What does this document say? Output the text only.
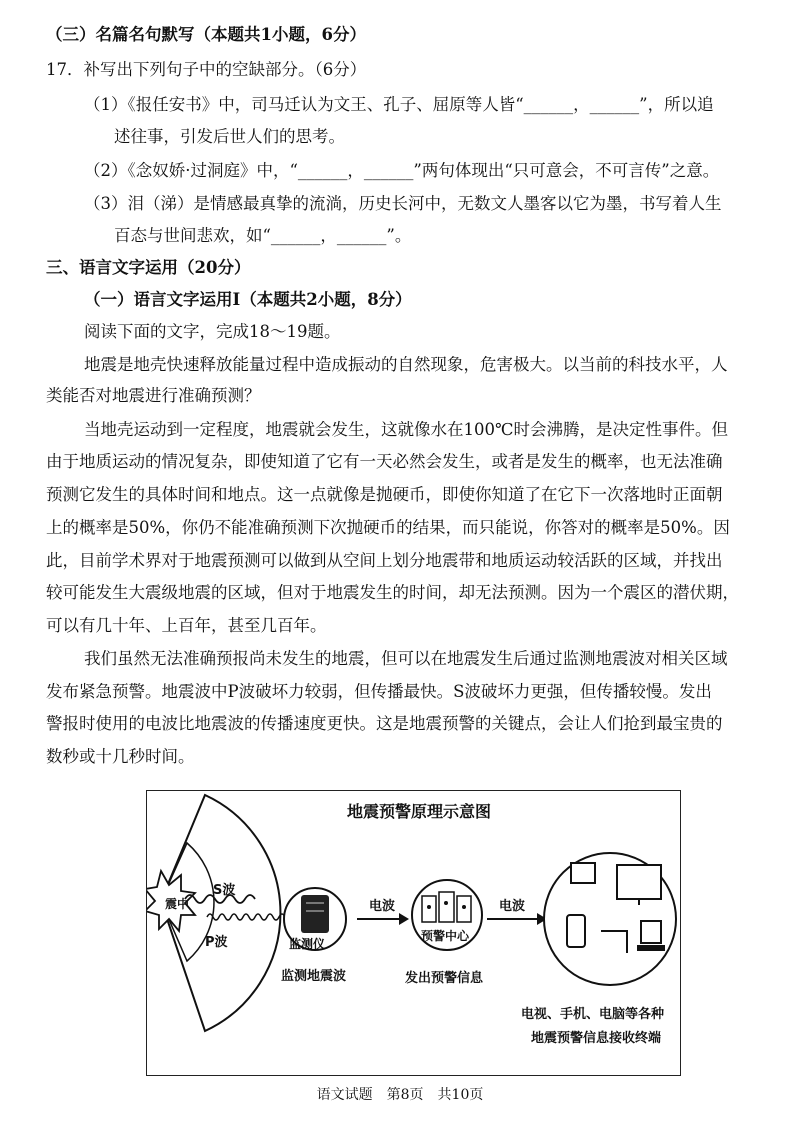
（三）名篇名句默写（本题共1小题，6分）
17．补写出下列句子中的空缺部分。（6分）
（1）《报任安书》中，司马迁认为文王、孔子、屈原等人皆“______，______”，所以追
述往事，引发后世人们的思考。
（2）《念奴娇·过洞庭》中，“______，______”两句体现出“只可意会，不可言传”之意。
（3）泪（涕）是情感最真挚的流淌，历史长河中，无数文人墨客以它为墨，书写着人生
百态与世间悲欢，如“______，______”。
三、语言文字运用（20分）
（一）语言文字运用Ⅰ（本题共2小题，8分）
阅读下面的文字，完成18～19题。
地震是地壳快速释放能量过程中造成振动的自然现象，危害极大。以当前的科技水平，人
类能否对地震进行准确预测？
当地壳运动到一定程度，地震就会发生，这就像水在100℃时会沸腾，是决定性事件。但
由于地质运动的情况复杂，即使知道了它有一天必然会发生，或者是发生的概率，也无法准确
预测它发生的具体时间和地点。这一点就像是抛硬币，即使你知道了在它下一次落地时正面朝
上的概率是50%，你仍不能准确预测下次抛硬币的结果，而只能说，你答对的概率是50%。因
此，目前学术界对于地震预测可以做到从空间上划分地震带和地质运动较活跃的区域，并找出
较可能发生大震级地震的区域，但对于地震发生的时间，却无法预测。因为一个震区的潜伏期，
可以有几十年、上百年，甚至几百年。
我们虽然无法准确预报尚未发生的地震，但可以在地震发生后通过监测地震波对相关区域
发布紧急预警。地震波中P波破坏力较弱，但传播最快。S波破坏力更强，但传播较慢。发出
警报时使用的电波比地震波的传播速度更快。这是地震预警的关键点，会让人们抢到最宝贵的
数秒或十几秒时间。
地震预警原理示意图
震中
S波
P波	监测仪
监测地震波
电波
预警中心
发出预警信息
电波
电视、手机、电脑等各种
地震预警信息接收终端
语文试题　第8页　共10页
